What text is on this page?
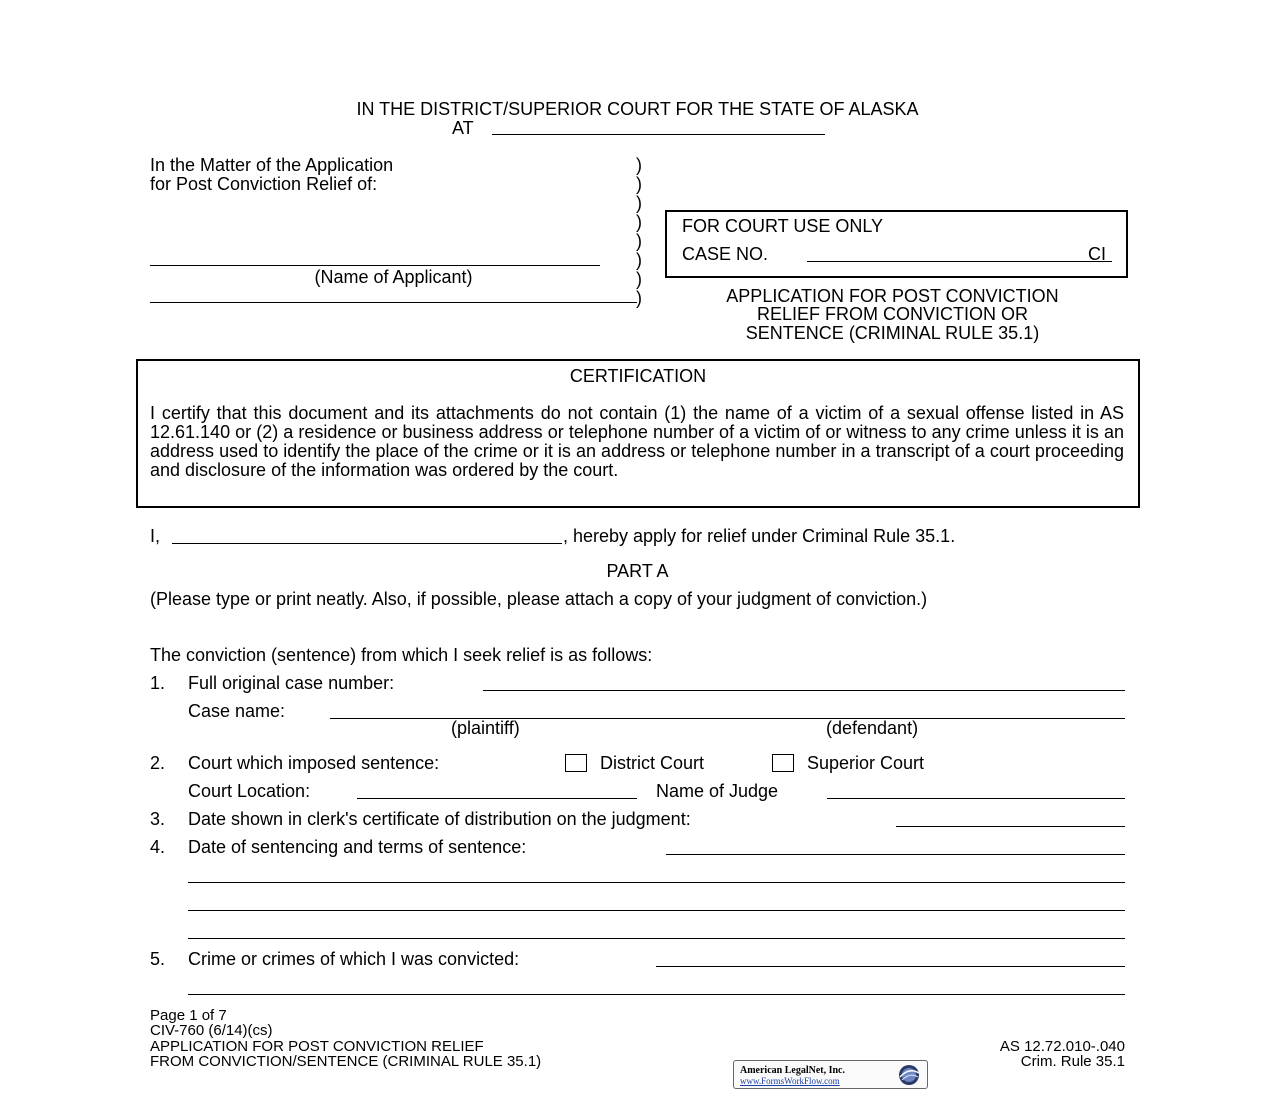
IN THE DISTRICT/SUPERIOR COURT FOR THE STATE OF ALASKA
AT
In the Matter of the Application
for Post Conviction Relief of:
(Name of Applicant)
)
)
)
)
)
)
)
)
FOR COURT USE ONLY
CASE NO.	CI
APPLICATION FOR POST CONVICTION
RELIEF FROM CONVICTION OR
SENTENCE (CRIMINAL RULE 35.1)
CERTIFICATION
I certify that this document and its attachments do not contain (1) the name of a victim of a sexual offense listed in AS 12.61.140 or (2) a residence or business address or telephone number of a victim of or witness to any crime unless it is an address used to identify the place of the crime or it is an address or telephone number in a transcript of a court proceeding and disclosure of the information was ordered by the court.
I,	, hereby apply for relief under Criminal Rule 35.1.
PART A
(Please type or print neatly. Also, if possible, please attach a copy of your judgment of conviction.)
The conviction (sentence) from which I seek relief is as follows:
1. Full original case number:
Case name:
(plaintiff)	(defendant)
2. Court which imposed sentence:	District Court	Superior Court
Court Location:	Name of Judge
3. Date shown in clerk's certificate of distribution on the judgment:
4. Date of sentencing and terms of sentence:
5. Crime or crimes of which I was convicted:
Page 1 of 7
CIV-760 (6/14)(cs)
APPLICATION FOR POST CONVICTION RELIEF
FROM CONVICTION/SENTENCE (CRIMINAL RULE 35.1)
AS 12.72.010-.040
Crim. Rule 35.1
American LegalNet, Inc.
www.FormsWorkFlow.com
